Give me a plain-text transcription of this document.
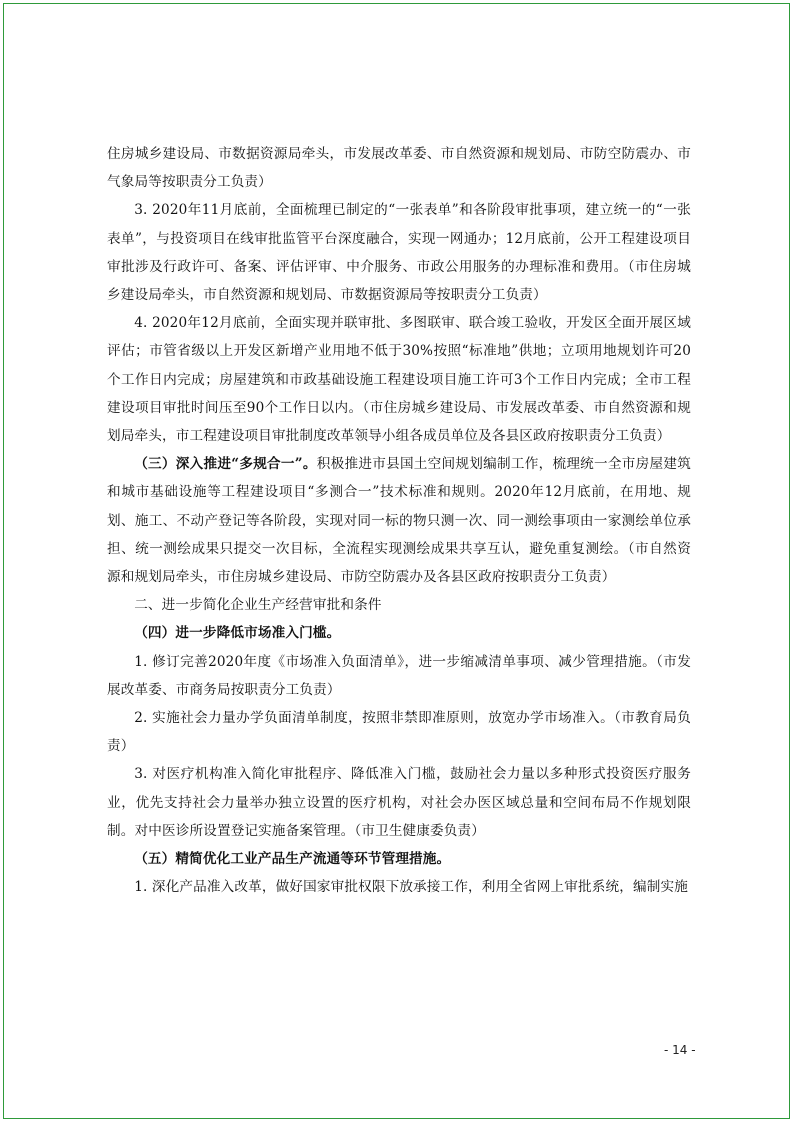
住房城乡建设局、市数据资源局牵头，市发展改革委、市自然资源和规划局、市防空防震办、市气象局等按职责分工负责）

3. 2020年11月底前，全面梳理已制定的“一张表单”和各阶段审批事项，建立统一的“一张表单”，与投资项目在线审批监管平台深度融合，实现一网通办；12月底前，公开工程建设项目审批涉及行政许可、备案、评估评审、中介服务、市政公用服务的办理标准和费用。（市住房城乡建设局牵头，市自然资源和规划局、市数据资源局等按职责分工负责）

4. 2020年12月底前，全面实现并联审批、多图联审、联合竣工验收，开发区全面开展区域评估；市管省级以上开发区新增产业用地不低于30%按照“标准地”供地；立项用地规划许可20个工作日内完成；房屋建筑和市政基础设施工程建设项目施工许可3个工作日内完成；全市工程建设项目审批时间压至90个工作日以内。（市住房城乡建设局、市发展改革委、市自然资源和规划局牵头，市工程建设项目审批制度改革领导小组各成员单位及各县区政府按职责分工负责）

（三）深入推进“多规合一”。积极推进市县国土空间规划编制工作，梳理统一全市房屋建筑和城市基础设施等工程建设项目“多测合一”技术标准和规则。2020年12月底前，在用地、规划、施工、不动产登记等各阶段，实现对同一标的物只测一次、同一测绘事项由一家测绘单位承担、统一测绘成果只提交一次目标，全流程实现测绘成果共享互认，避免重复测绘。（市自然资源和规划局牵头，市住房城乡建设局、市防空防震办及各县区政府按职责分工负责）

二、进一步简化企业生产经营审批和条件

（四）进一步降低市场准入门槛。

1. 修订完善2020年度《市场准入负面清单》，进一步缩减清单事项、减少管理措施。（市发展改革委、市商务局按职责分工负责）

2. 实施社会力量办学负面清单制度，按照非禁即准原则，放宽办学市场准入。（市教育局负责）

3. 对医疗机构准入简化审批程序、降低准入门槛，鼓励社会力量以多种形式投资医疗服务业，优先支持社会力量举办独立设置的医疗机构，对社会办医区域总量和空间布局不作规划限制。对中医诊所设置登记实施备案管理。（市卫生健康委负责）

（五）精简优化工业产品生产流通等环节管理措施。

1. 深化产品准入改革，做好国家审批权限下放承接工作，利用全省网上审批系统，编制实施

- 14 -
